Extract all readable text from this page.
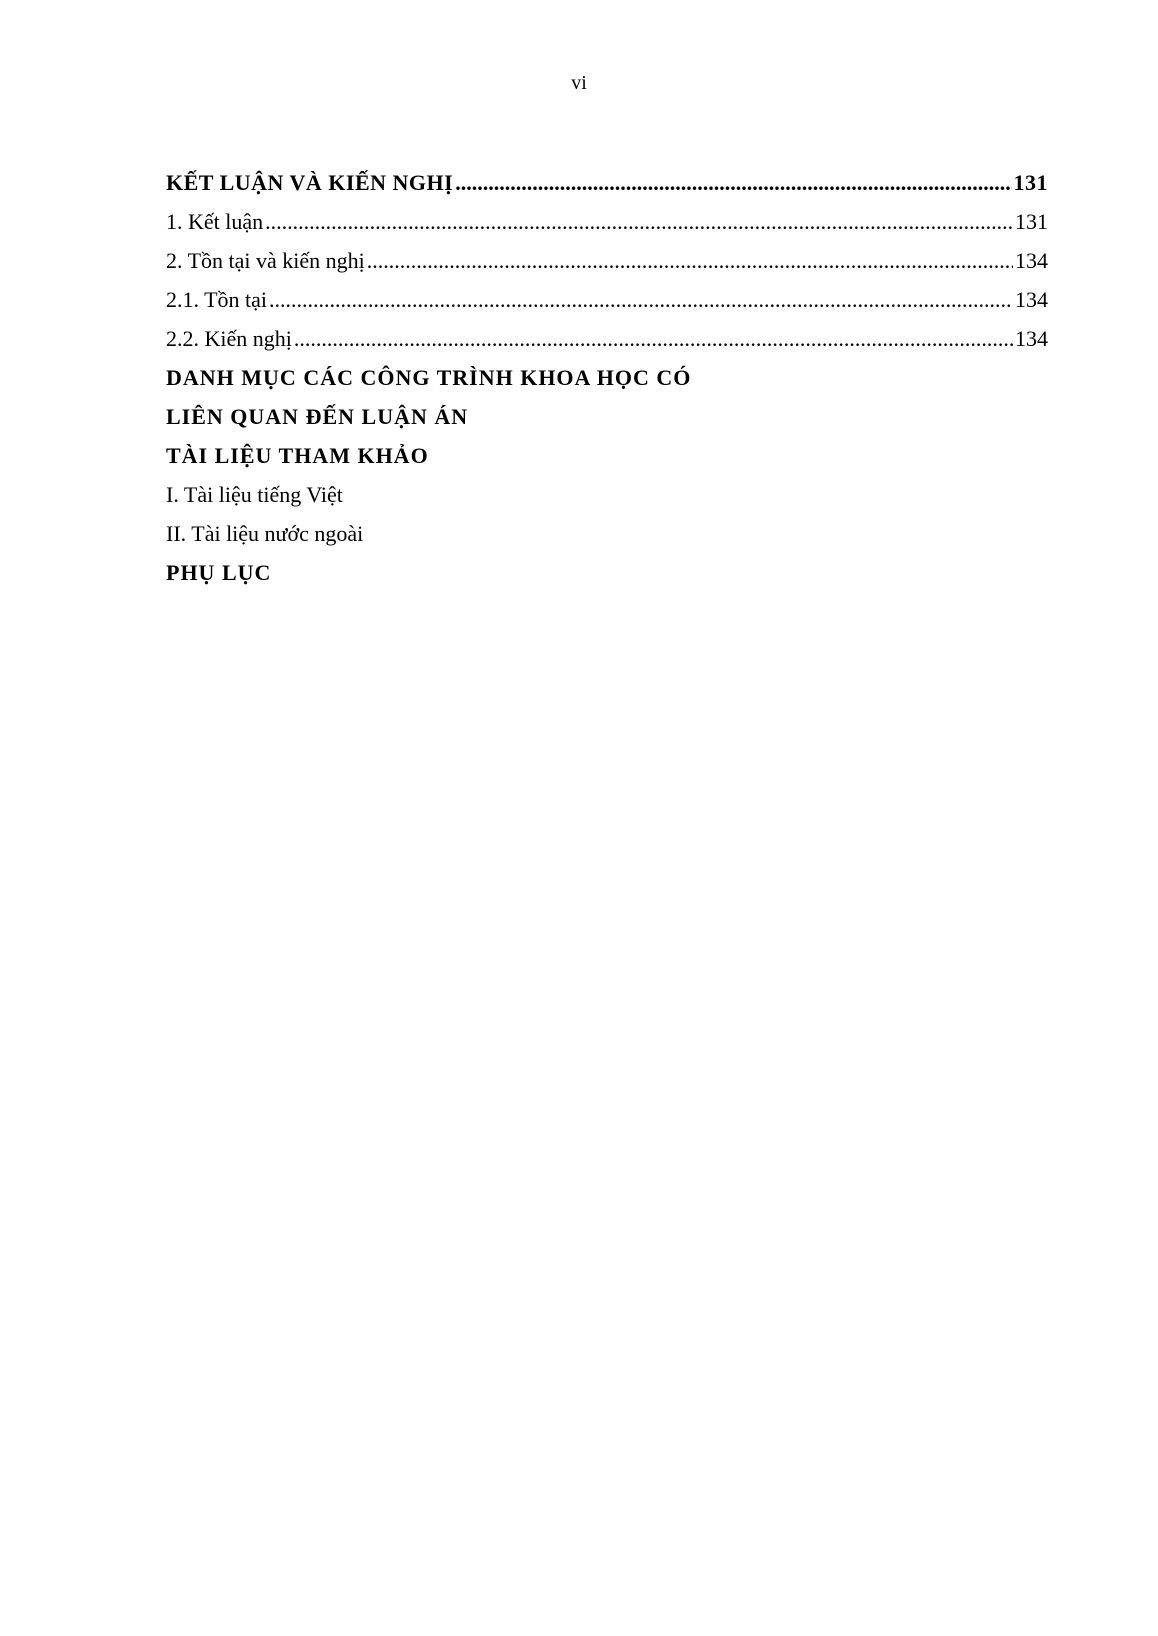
vi
KẾT LUẬN VÀ KIẾN NGHỊ .....	131
1. Kết luận .....	131
2. Tồn tại và kiến nghị .....	134
2.1. Tồn tại .....	134
2.2. Kiến nghị .....	134
DANH MỤC CÁC CÔNG TRÌNH KHOA HỌC CÓ
LIÊN QUAN ĐẾN LUẬN ÁN
TÀI LIỆU THAM KHẢO
I. Tài liệu tiếng Việt
II. Tài liệu nước ngoài
PHỤ LỤC
